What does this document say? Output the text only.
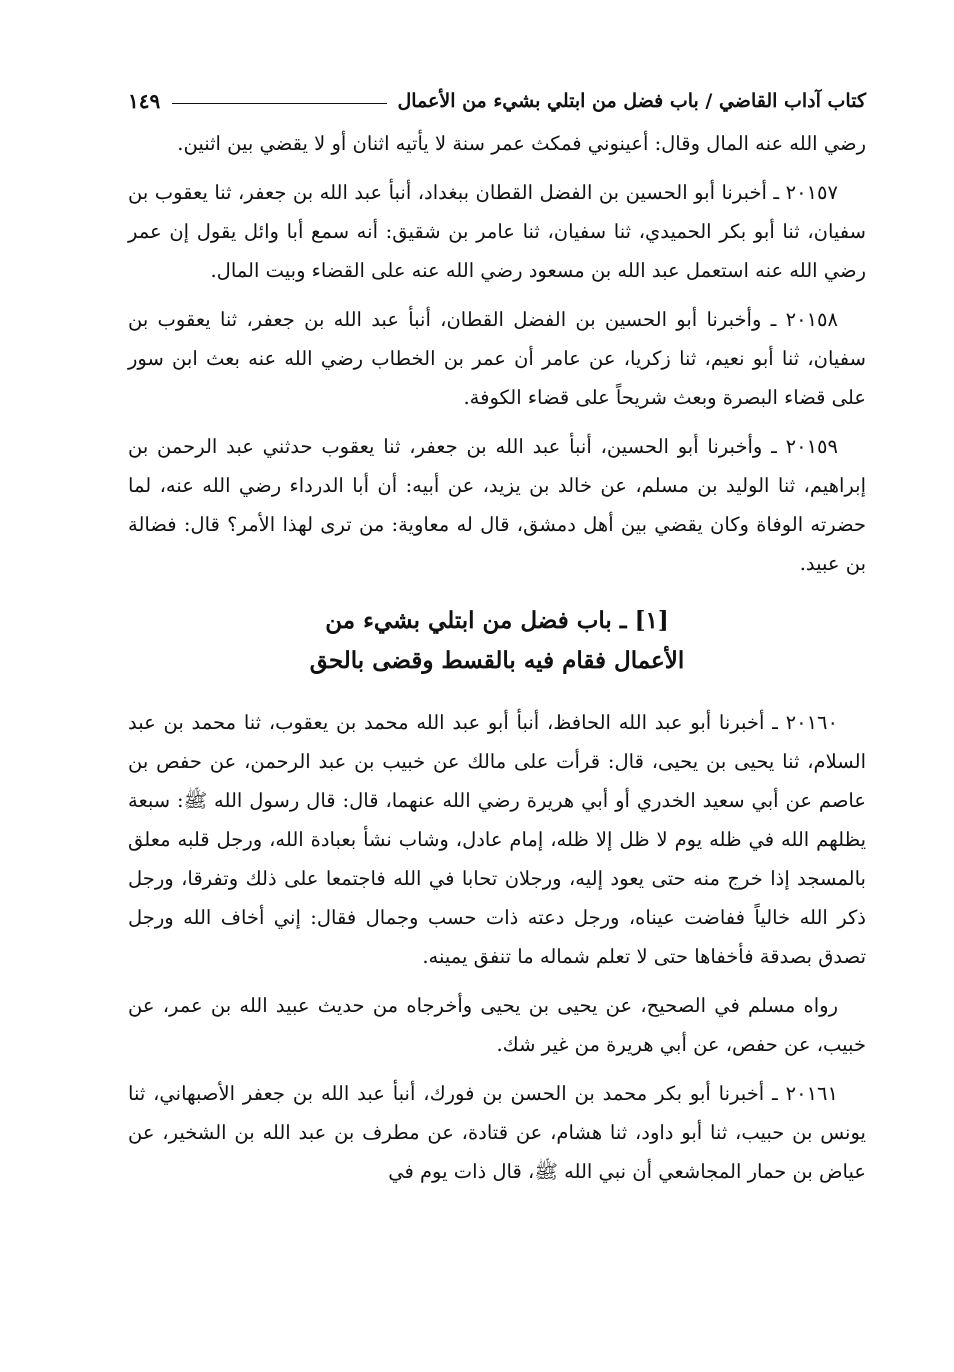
كتاب آداب القاضي / باب فضل من ابتلي بشيء من الأعمال
١٤٩

رضي الله عنه المال وقال: أعينوني فمكث عمر سنة لا يأتيه اثنان أو لا يقضي بين اثنين.

٢٠١٥٧ ـ أخبرنا أبو الحسين بن الفضل القطان ببغداد، أنبأ عبد الله بن جعفر، ثنا يعقوب بن سفيان، ثنا أبو بكر الحميدي، ثنا سفيان، ثنا عامر بن شقيق: أنه سمع أبا وائل يقول إن عمر رضي الله عنه استعمل عبد الله بن مسعود رضي الله عنه على القضاء وبيت المال.

٢٠١٥٨ ـ وأخبرنا أبو الحسين بن الفضل القطان، أنبأ عبد الله بن جعفر، ثنا يعقوب بن سفيان، ثنا أبو نعيم، ثنا زكريا، عن عامر أن عمر بن الخطاب رضي الله عنه بعث ابن سور على قضاء البصرة وبعث شريحاً على قضاء الكوفة.

٢٠١٥٩ ـ وأخبرنا أبو الحسين، أنبأ عبد الله بن جعفر، ثنا يعقوب حدثني عبد الرحمن بن إبراهيم، ثنا الوليد بن مسلم، عن خالد بن يزيد، عن أبيه: أن أبا الدرداء رضي الله عنه، لما حضرته الوفاة وكان يقضي بين أهل دمشق، قال له معاوية: من ترى لهذا الأمر؟ قال: فضالة بن عبيد.

[١] ـ باب فضل من ابتلي بشيء من
الأعمال فقام فيه بالقسط وقضى بالحق

٢٠١٦٠ ـ أخبرنا أبو عبد الله الحافظ، أنبأ أبو عبد الله محمد بن يعقوب، ثنا محمد بن عبد السلام، ثنا يحيى بن يحيى، قال: قرأت على مالك عن خبيب بن عبد الرحمن، عن حفص بن عاصم عن أبي سعيد الخدري أو أبي هريرة رضي الله عنهما، قال: قال رسول الله ﷺ: سبعة يظلهم الله في ظله يوم لا ظل إلا ظله، إمام عادل، وشاب نشأ بعبادة الله، ورجل قلبه معلق بالمسجد إذا خرج منه حتى يعود إليه، ورجلان تحابا في الله فاجتمعا على ذلك وتفرقا، ورجل ذكر الله خالياً ففاضت عيناه، ورجل دعته ذات حسب وجمال فقال: إني أخاف الله ورجل تصدق بصدقة فأخفاها حتى لا تعلم شماله ما تنفق يمينه.

رواه مسلم في الصحيح، عن يحيى بن يحيى وأخرجاه من حديث عبيد الله بن عمر، عن خبيب، عن حفص، عن أبي هريرة من غير شك.

٢٠١٦١ ـ أخبرنا أبو بكر محمد بن الحسن بن فورك، أنبأ عبد الله بن جعفر الأصبهاني، ثنا يونس بن حبيب، ثنا أبو داود، ثنا هشام، عن قتادة، عن مطرف بن عبد الله بن الشخير، عن عياض بن حمار المجاشعي أن نبي الله ﷺ، قال ذات يوم في
